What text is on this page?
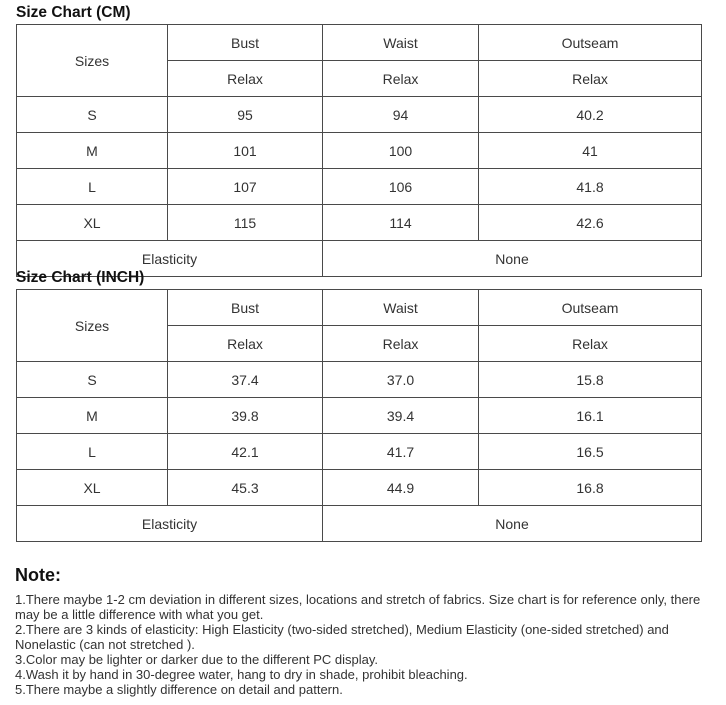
Size Chart (CM)
Sizes	Bust	Waist	Outseam
	Relax	Relax	Relax
S	95	94	40.2
M	101	100	41
L	107	106	41.8
XL	115	114	42.6
Elasticity		None	
Size Chart (INCH)
Sizes	Bust	Waist	Outseam
	Relax	Relax	Relax
S	37.4	37.0	15.8
M	39.8	39.4	16.1
L	42.1	41.7	16.5
XL	45.3	44.9	16.8
Elasticity		None	
Note:
1.There maybe 1-2 cm deviation in different sizes, locations and stretch of fabrics. Size chart is for reference only, there may be a little difference with what you get.
2.There are 3 kinds of elasticity: High Elasticity (two-sided stretched), Medium Elasticity (one-sided stretched) and Nonelastic (can not stretched ).
3.Color may be lighter or darker due to the different PC display.
4.Wash it by hand in 30-degree water, hang to dry in shade, prohibit bleaching.
5.There maybe a slightly difference on detail and pattern.
